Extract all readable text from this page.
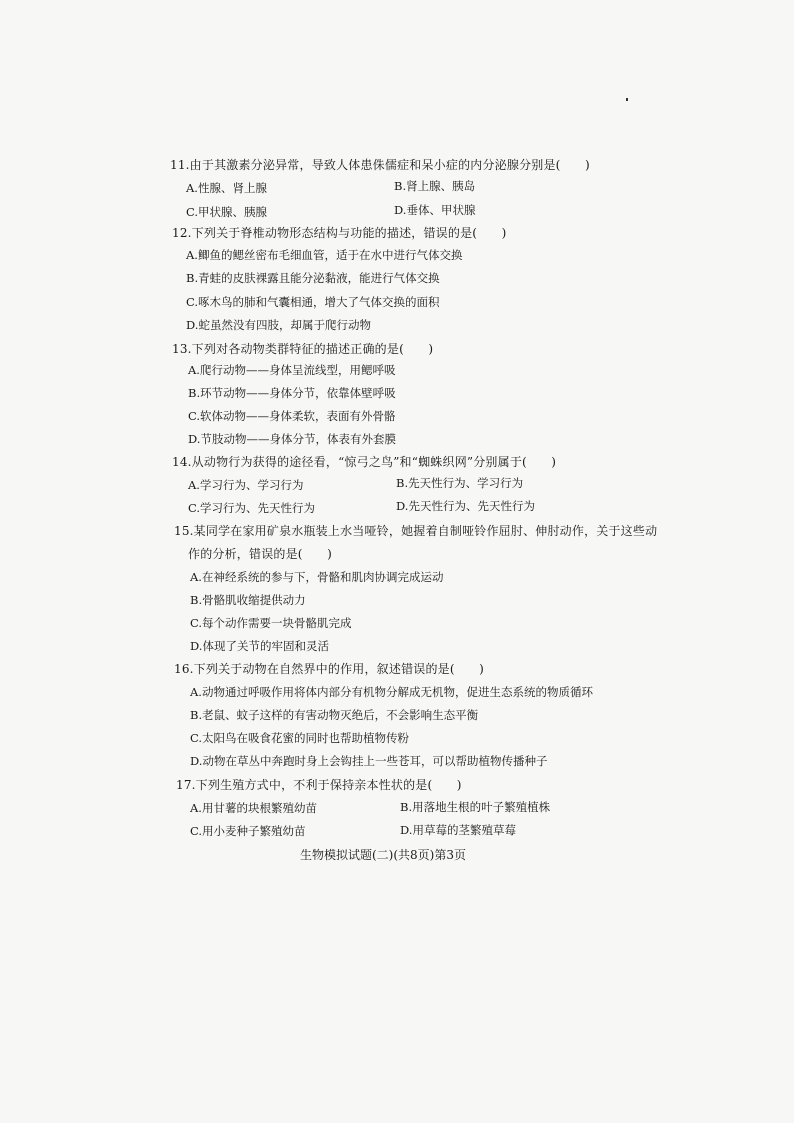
11.由于其激素分泌异常，导致人体患侏儒症和呆小症的内分泌腺分别是(　　)
A.性腺、肾上腺	B.肾上腺、胰岛
C.甲状腺、胰腺	D.垂体、甲状腺
12.下列关于脊椎动物形态结构与功能的描述，错误的是(　　)
A.鲫鱼的鳃丝密布毛细血管，适于在水中进行气体交换
B.青蛙的皮肤裸露且能分泌黏液，能进行气体交换
C.啄木鸟的肺和气囊相通，增大了气体交换的面积
D.蛇虽然没有四肢，却属于爬行动物
13.下列对各动物类群特征的描述正确的是(　　)
A.爬行动物——身体呈流线型，用鳃呼吸
B.环节动物——身体分节，依靠体壁呼吸
C.软体动物——身体柔软，表面有外骨骼
D.节肢动物——身体分节，体表有外套膜
14.从动物行为获得的途径看，“惊弓之鸟”和“蜘蛛织网”分别属于(　　)
A.学习行为、学习行为	B.先天性行为、学习行为
C.学习行为、先天性行为	D.先天性行为、先天性行为
15.某同学在家用矿泉水瓶装上水当哑铃，她握着自制哑铃作屈肘、伸肘动作，关于这些动
作的分析，错误的是(　　)
A.在神经系统的参与下，骨骼和肌肉协调完成运动
B.骨骼肌收缩提供动力
C.每个动作需要一块骨骼肌完成
D.体现了关节的牢固和灵活
16.下列关于动物在自然界中的作用，叙述错误的是(　　)
A.动物通过呼吸作用将体内部分有机物分解成无机物，促进生态系统的物质循环
B.老鼠、蚊子这样的有害动物灭绝后，不会影响生态平衡
C.太阳鸟在吸食花蜜的同时也帮助植物传粉
D.动物在草丛中奔跑时身上会钩挂上一些苍耳，可以帮助植物传播种子
17.下列生殖方式中，不利于保持亲本性状的是(　　)
A.用甘薯的块根繁殖幼苗	B.用落地生根的叶子繁殖植株
C.用小麦种子繁殖幼苗	D.用草莓的茎繁殖草莓
生物模拟试题(二)(共8页)第3页
